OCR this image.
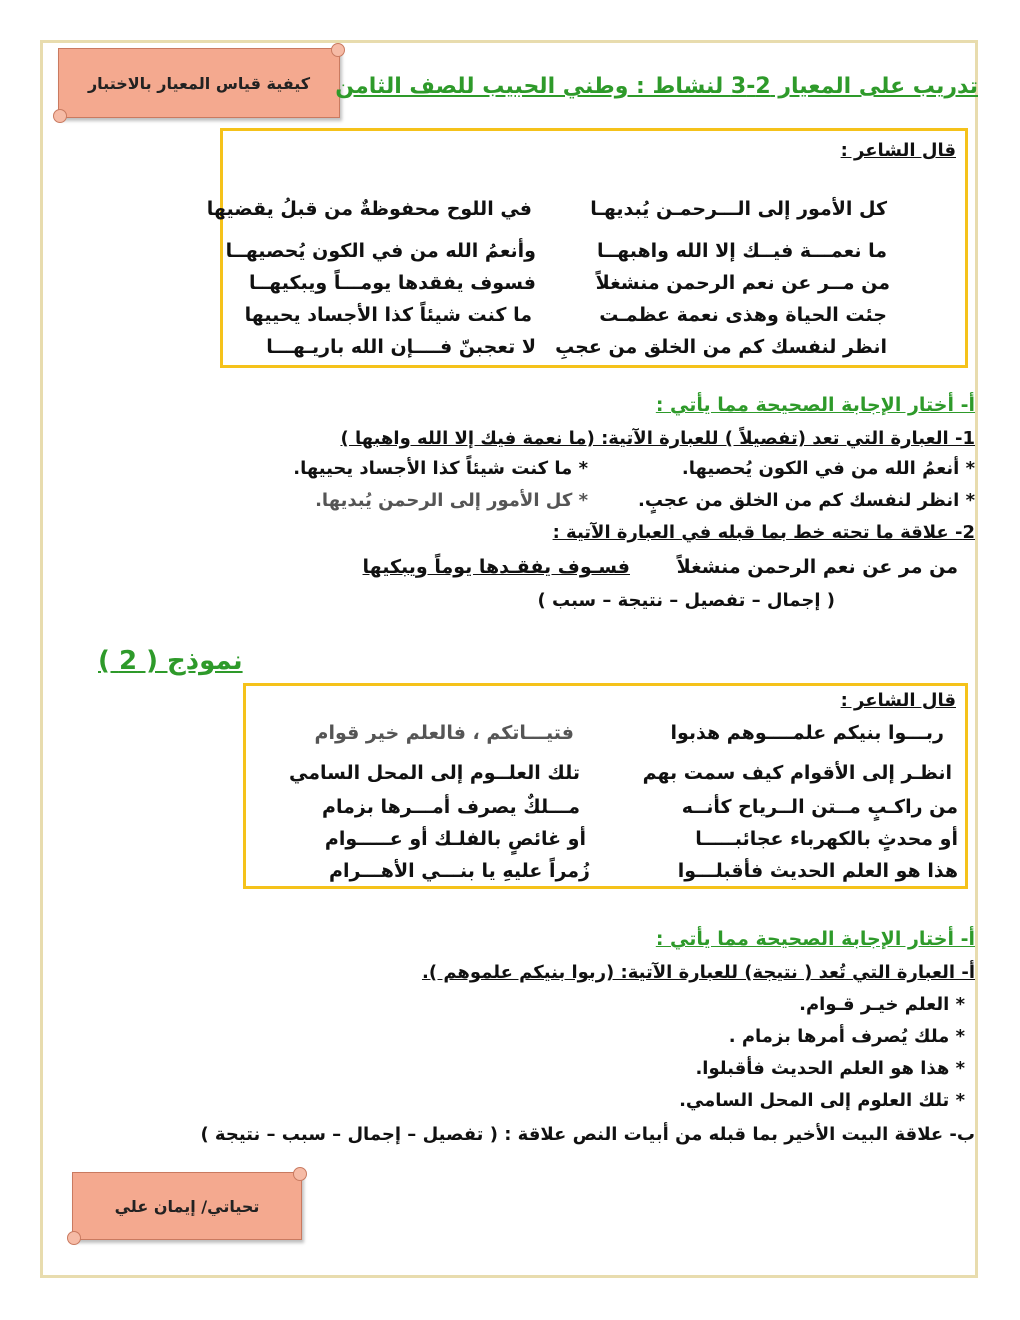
كيفية قياس المعيار بالاختبار تدريب على المعيار 2-3 لنشاط : وطني الحبيب للصف الثامن
قال الشاعر :
كل الأمور إلى الـــرحمـن يُبديهـا
في اللوح محفوظةٌ من قبلُ يقضيها
ما نعمـــة فيــك إلا الله واهبهــا
وأنعمُ الله من في الكون يُحصيهــا
من مــر عن نعم الرحمن منشغلاً
فسوف يفقدها يومـــاً ويبكيهــا
جئت الحياة وهذى نعمة عظمـت
ما كنت شيئاً كذا الأجساد يحييها
انظر لنفسك كم من الخلق من عجبِ
لا تعجبنّ فــــإن الله باريـهـــا
أ- أختار الإجابة الصحيحة مما يأتي :
1- العبارة التي تعد (تفصيلاً ) للعبارة الآتية: (ما نعمة فيك إلا الله واهبها )
* أنعمُ الله من في الكون يُحصيها.
* ما كنت شيئاً كذا الأجساد يحييها.
* انظر لنفسك كم من الخلق من عجبٍ.
* كل الأمور إلى الرحمن يُبديها.
2- علاقة ما تحته خط بما قبله في العبارة الآتية :
من مر عن نعم الرحمن منشغلاً
فسـوف يفقـدها يوماً ويبكيها
( إجمال – تفصيل – نتيجة – سبب )
نموذج ( 2 )
قال الشاعر :
ربـــوا بنيكم علمــــوهم هذبوا
فتيـــاتكم ، فالعلم خير قوام
انظـر إلى الأقوام كيف سمت بهم
تلك العلــوم إلى المحل السامي
من راكـبٍ مــتن الــرياح كأنــه
مـــلكٌ يصرف أمـــرها بزمام
أو محدثٍ بالكهرباء عجائبـــــا
أو غائصٍ بالفلـك أو عـــــوام
هذا هو العلم الحديث فأقبلـــوا
زُمراً عليهِ يا بنـــي الأهـــرام
أ- أختار الإجابة الصحيحة مما يأتي :
أ- العبارة التي تُعد ( نتيجة) للعبارة الآتية: (ربوا بنيكم علموهم ).
* العلم خيـر قـوام.
* ملك يُصرف أمرها بزمام .
* هذا هو العلم الحديث فأقبلوا.
* تلك العلوم إلى المحل السامي.
ب- علاقة البيت الأخير بما قبله من أبيات النص علاقة : ( تفصيل – إجمال – سبب – نتيجة )
تحياتي/ إيمان علي
